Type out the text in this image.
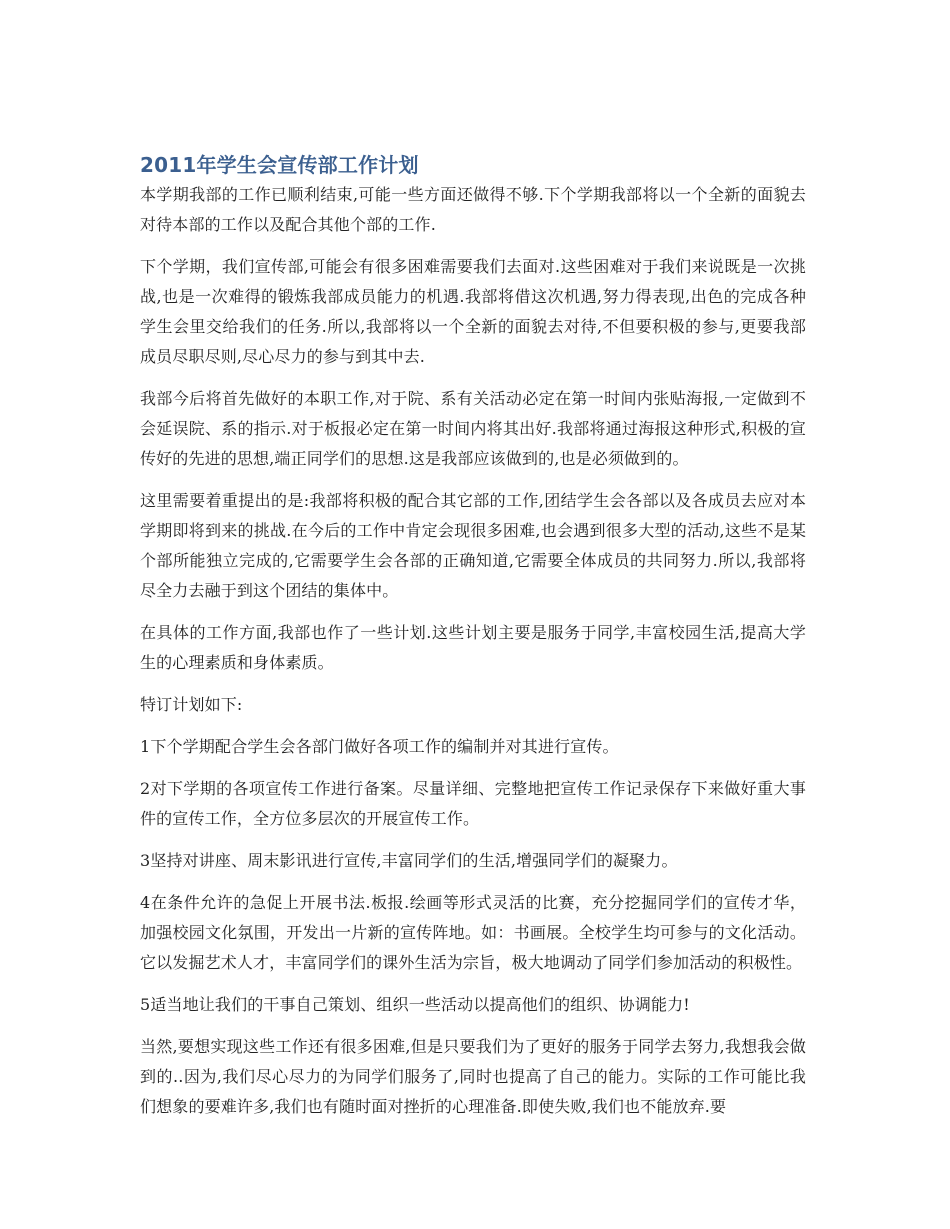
2011年学生会宣传部工作计划

本学期我部的工作已顺利结束,可能一些方面还做得不够.下个学期我部将以一个全新的面貌去对待本部的工作以及配合其他个部的工作.

下个学期，我们宣传部,可能会有很多困难需要我们去面对.这些困难对于我们来说既是一次挑战,也是一次难得的锻炼我部成员能力的机遇.我部将借这次机遇,努力得表现,出色的完成各种学生会里交给我们的任务.所以,我部将以一个全新的面貌去对待,不但要积极的参与,更要我部成员尽职尽则,尽心尽力的参与到其中去.

我部今后将首先做好的本职工作,对于院、系有关活动必定在第一时间内张贴海报,一定做到不会延误院、系的指示.对于板报必定在第一时间内将其出好.我部将通过海报这种形式,积极的宣传好的先进的思想,端正同学们的思想.这是我部应该做到的,也是必须做到的。

这里需要着重提出的是:我部将积极的配合其它部的工作,团结学生会各部以及各成员去应对本学期即将到来的挑战.在今后的工作中肯定会现很多困难,也会遇到很多大型的活动,这些不是某个部所能独立完成的,它需要学生会各部的正确知道,它需要全体成员的共同努力.所以,我部将尽全力去融于到这个团结的集体中。

在具体的工作方面,我部也作了一些计划.这些计划主要是服务于同学,丰富校园生活,提高大学生的心理素质和身体素质。

特订计划如下:

1下个学期配合学生会各部门做好各项工作的编制并对其进行宣传。

2对下学期的各项宣传工作进行备案。尽量详细、完整地把宣传工作记录保存下来做好重大事件的宣传工作，全方位多层次的开展宣传工作。

3坚持对讲座、周末影讯进行宣传,丰富同学们的生活,增强同学们的凝聚力。

4在条件允许的急促上开展书法.板报.绘画等形式灵活的比赛，充分挖掘同学们的宣传才华，加强校园文化氛围，开发出一片新的宣传阵地。如：书画展。全校学生均可参与的文化活动。它以发掘艺术人才，丰富同学们的课外生活为宗旨，极大地调动了同学们参加活动的积极性。

5适当地让我们的干事自己策划、组织一些活动以提高他们的组织、协调能力!

当然,要想实现这些工作还有很多困难,但是只要我们为了更好的服务于同学去努力,我想我会做到的..因为,我们尽心尽力的为同学们服务了,同时也提高了自己的能力。实际的工作可能比我们想象的要难许多,我们也有随时面对挫折的心理准备.即使失败,我们也不能放弃.要
